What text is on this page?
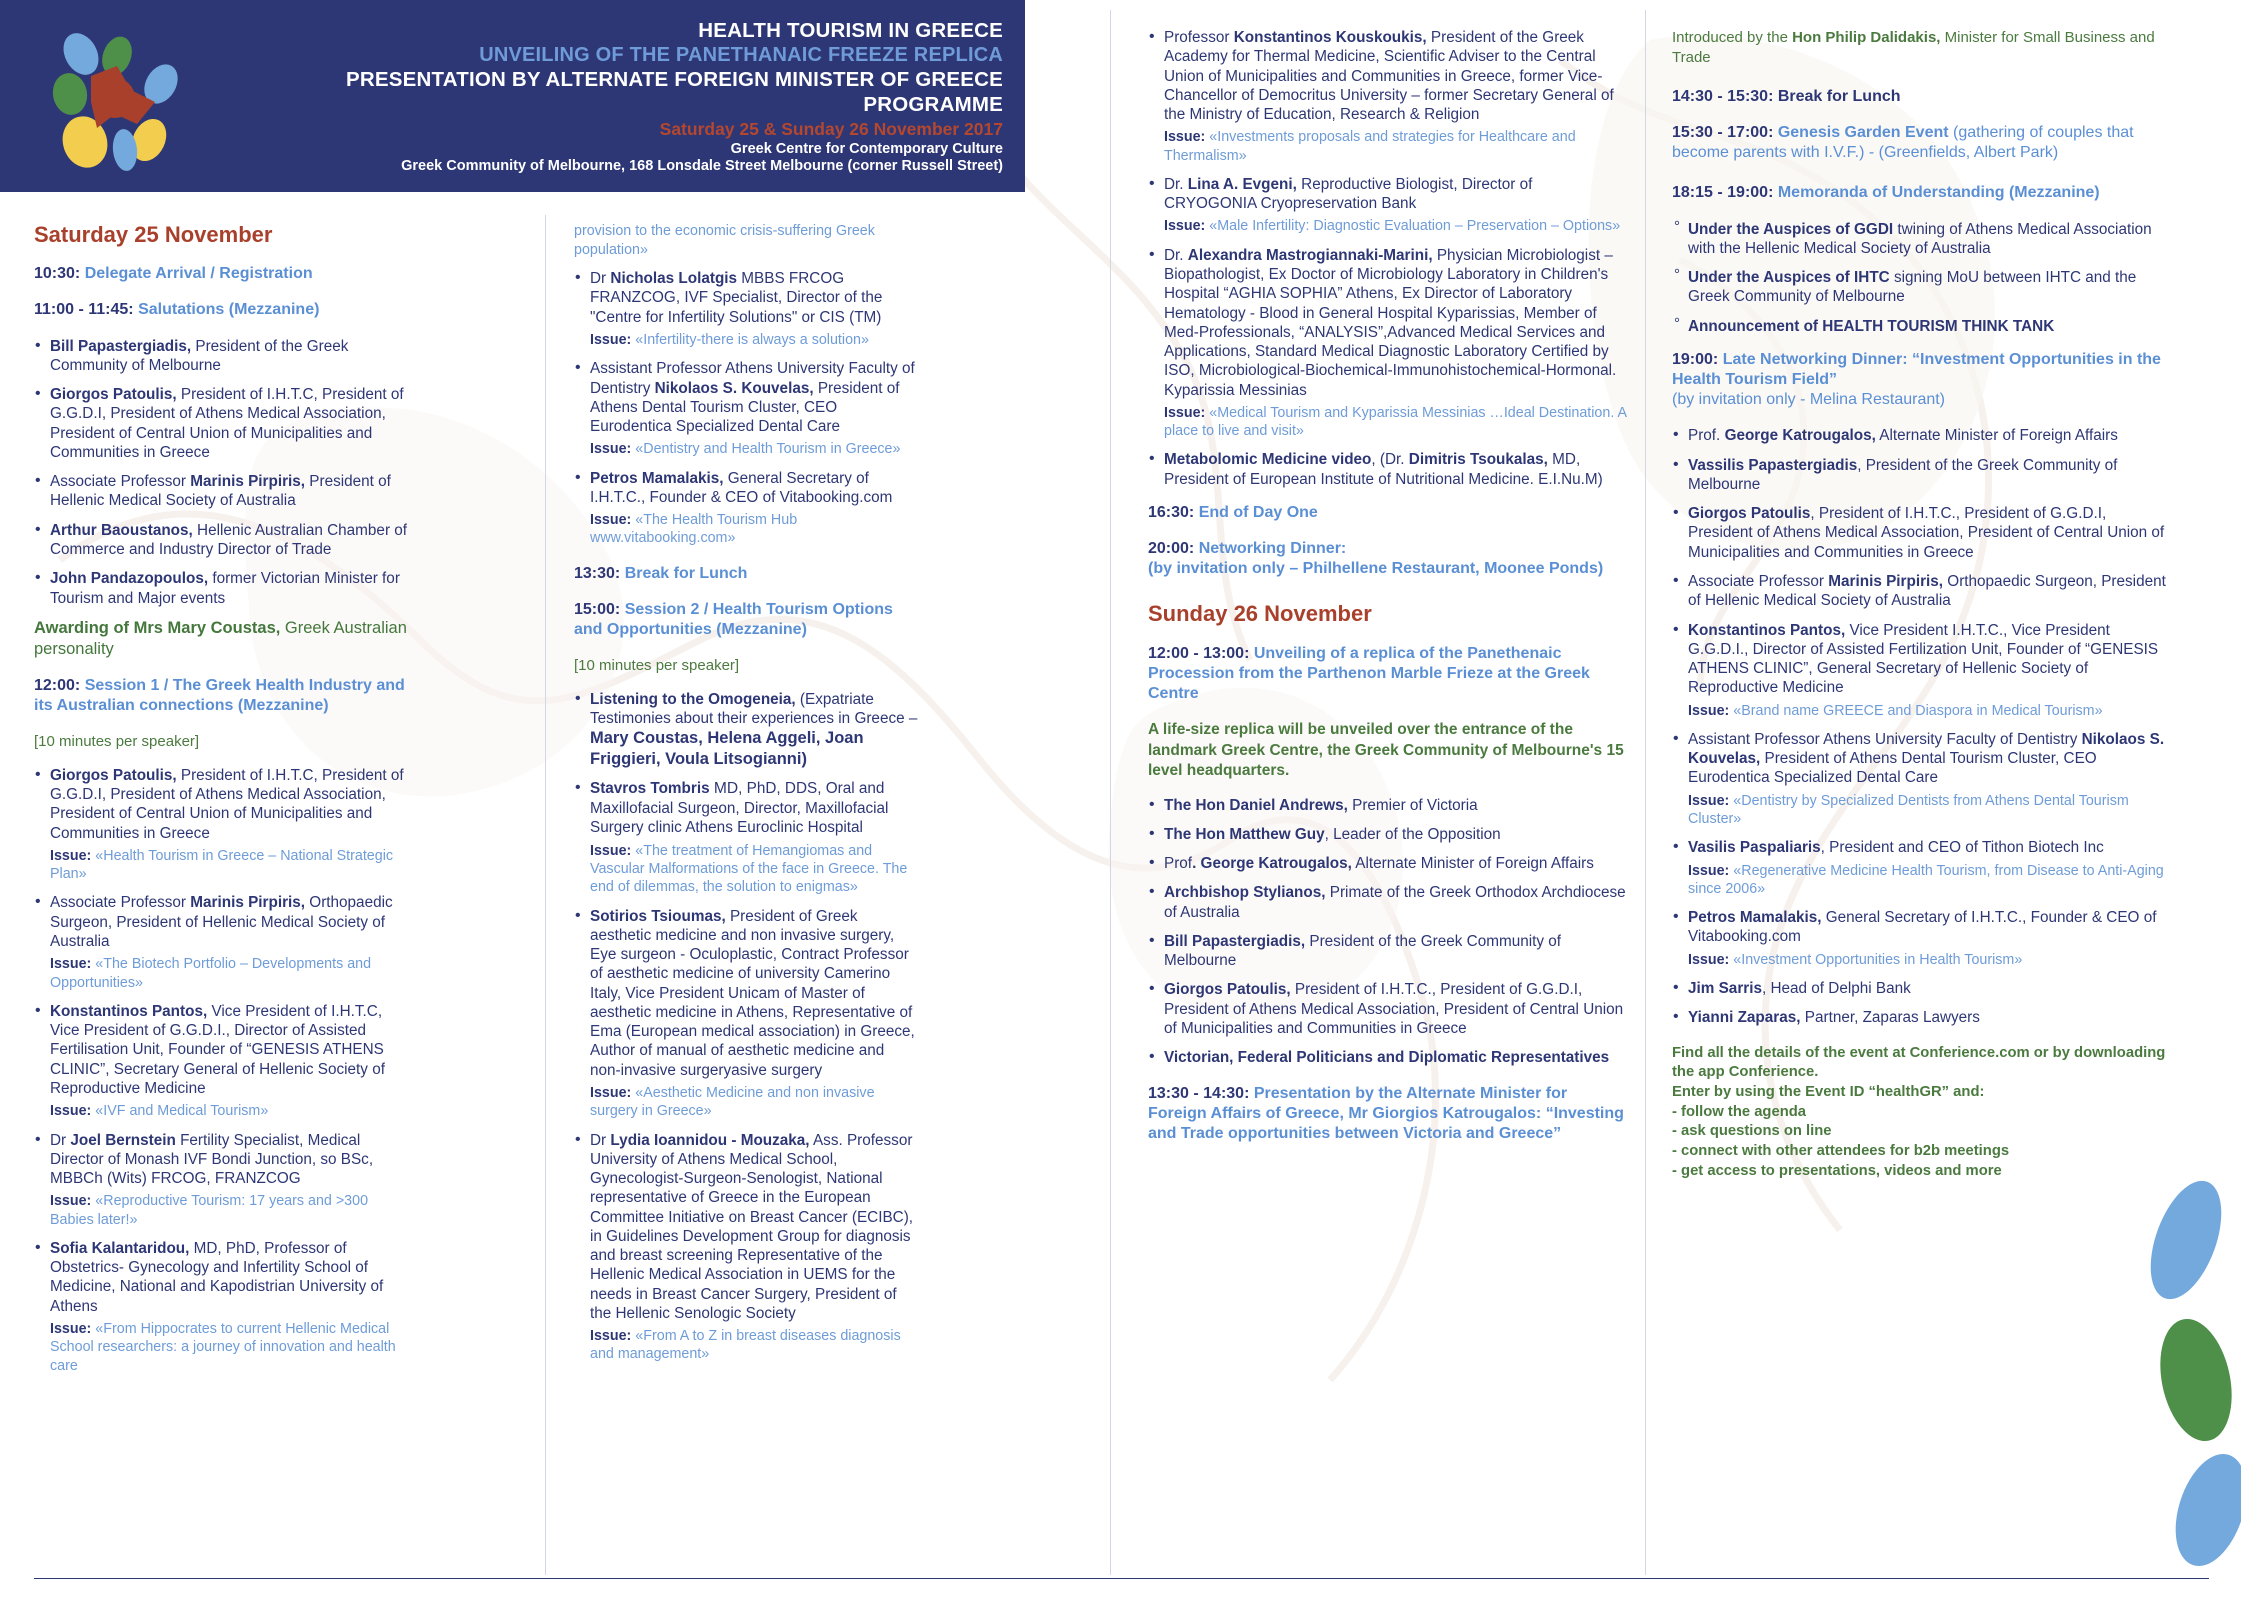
HEALTH TOURISM IN GREECE
UNVEILING OF THE PANETHANAIC FREEZE REPLICA
PRESENTATION BY ALTERNATE FOREIGN MINISTER OF GREECE
PROGRAMME
Saturday 25 & Sunday 26 November 2017
Greek Centre for Contemporary Culture
Greek Community of Melbourne, 168 Lonsdale Street Melbourne (corner Russell Street)
Saturday 25 November
10:30: Delegate Arrival / Registration
11:00 - 11:45: Salutations (Mezzanine)
• Bill Papastergiadis, President of the Greek Community of Melbourne
• Giorgos Patoulis, President of I.H.T.C, President of G.G.D.I, President of Athens Medical Association, President of Central Union of Municipalities and Communities in Greece
• Associate Professor Marinis Pirpiris, President of Hellenic Medical Society of Australia
• Arthur Baoustanos, Hellenic Australian Chamber of Commerce and Industry Director of Trade
• John Pandazopoulos, former Victorian Minister for Tourism and Major events
Awarding of Mrs Mary Coustas, Greek Australian personality
12:00: Session 1 / The Greek Health Industry and its Australian connections (Mezzanine)
[10 minutes per speaker]
• Giorgos Patoulis, President of I.H.T.C, President of G.G.D.I, President of Athens Medical Association, President of Central Union of Municipalities and Communities in Greece
Issue: «Health Tourism in Greece – National Strategic Plan»
• Associate Professor Marinis Pirpiris, Orthopaedic Surgeon, President of Hellenic Medical Society of Australia
Issue: «The Biotech Portfolio – Developments and Opportunities»
• Konstantinos Pantos, Vice President of I.H.T.C, Vice President of G.G.D.I., Director of Assisted Fertilisation Unit, Founder of “GENESIS ATHENS CLINIC”, Secretary General of Hellenic Society of Reproductive Medicine
Issue: «IVF and Medical Tourism»
• Dr Joel Bernstein Fertility Specialist, Medical Director of Monash IVF Bondi Junction, so BSc, MBBCh (Wits) FRCOG, FRANZCOG
Issue: «Reproductive Tourism: 17 years and >300 Babies later!»
• Sofia Kalantaridou, MD, PhD, Professor of Obstetrics- Gynecology and Infertility School of Medicine, National and Kapodistrian University of Athens
Issue: «From Hippocrates to current Hellenic Medical School researchers: a journey of innovation and health care
provision to the economic crisis-suffering Greek population»
• Dr Nicholas Lolatgis MBBS FRCOG FRANZCOG, IVF Specialist, Director of the "Centre for Infertility Solutions" or CIS (TM)
Issue: «Infertility-there is always a solution»
• Assistant Professor Athens University Faculty of Dentistry Nikolaos S. Kouvelas, President of Athens Dental Tourism Cluster, CEO Eurodentica Specialized Dental Care
Issue: «Dentistry and Health Tourism in Greece»
• Petros Mamalakis, General Secretary of I.H.T.C., Founder & CEO of Vitabooking.com
Issue: «The Health Tourism Hub www.vitabooking.com»
13:30: Break for Lunch
15:00: Session 2 / Health Tourism Options and Opportunities (Mezzanine)
[10 minutes per speaker]
• Listening to the Omogeneia, (Expatriate Testimonies about their experiences in Greece –
Mary Coustas, Helena Aggeli, Joan Friggieri, Voula Litsogianni)
• Stavros Tombris MD, PhD, DDS, Oral and Maxillofacial Surgeon, Director, Maxillofacial Surgery clinic Athens Euroclinic Hospital
Issue: «The treatment of Hemangiomas and Vascular Malformations of the face in Greece. The end of dilemmas, the solution to enigmas»
• Sotirios Tsioumas, President of Greek aesthetic medicine and non invasive surgery, Eye surgeon - Oculoplastic, Contract Professor of aesthetic medicine of university Camerino Italy, Vice President Unicam of Master of aesthetic medicine in Athens, Representative of Ema (European medical association) in Greece, Author of manual of aesthetic medicine and non-invasive surgeryasive surgery
Issue: «Aesthetic Medicine and non invasive surgery in Greece»
• Dr Lydia Ioannidou - Mouzaka, Ass. Professor University of Athens Medical School, Gynecologist-Surgeon-Senologist, National representative of Greece in the European Committee Initiative on Breast Cancer (ECIBC), in Guidelines Development Group for diagnosis and breast screening Representative of the Hellenic Medical Association in UEMS for the needs in Breast Cancer Surgery, President of the Hellenic Senologic Society
Issue: «From A to Z in breast diseases diagnosis and management»
• Professor Konstantinos Kouskoukis, President of the Greek Academy for Thermal Medicine, Scientific Adviser to the Central Union of Municipalities and Communities in Greece, former Vice-Chancellor of Democritus University – former Secretary General of the Ministry of Education, Research & Religion
Issue: «Investments proposals and strategies for Healthcare and Thermalism»
• Dr. Lina A. Evgeni, Reproductive Biologist, Director of CRYOGONIA Cryopreservation Bank
Issue: «Male Infertility: Diagnostic Evaluation – Preservation – Options»
• Dr. Alexandra Mastrogiannaki-Marini, Physician Microbiologist – Biopathologist, Ex Doctor of Microbiology Laboratory in Children's Hospital “AGHIA SOPHIA” Athens, Ex Director of Laboratory Hematology - Blood in General Hospital Kyparissias, Member of Med-Professionals, “ANALYSIS”,Advanced Medical Services and Applications, Standard Medical Diagnostic Laboratory Certified by ISO, Microbiological-Biochemical-Immunohistochemical-Hormonal. Kyparissia Messinias
Issue: «Medical Tourism and Kyparissia Messinias …Ideal Destination. A place to live and visit»
• Metabolomic Medicine video, (Dr. Dimitris Tsoukalas, MD, President of European Institute of Nutritional Medicine. E.I.Nu.M)
16:30: End of Day One
20:00: Networking Dinner:
(by invitation only – Philhellene Restaurant, Moonee Ponds)
Sunday 26 November
12:00 - 13:00: Unveiling of a replica of the Panethenaic Procession from the Parthenon Marble Frieze at the Greek Centre
A life-size replica will be unveiled over the entrance of the landmark Greek Centre, the Greek Community of Melbourne's 15 level headquarters.
• The Hon Daniel Andrews, Premier of Victoria
• The Hon Matthew Guy, Leader of the Opposition
• Prof. George Katrougalos, Alternate Minister of Foreign Affairs
• Archbishop Stylianos, Primate of the Greek Orthodox Archdiocese of Australia
• Bill Papastergiadis, President of the Greek Community of Melbourne
• Giorgos Patoulis, President of I.H.T.C., President of G.G.D.I, President of Athens Medical Association, President of Central Union of Municipalities and Communities in Greece
• Victorian, Federal Politicians and Diplomatic Representatives
13:30 - 14:30: Presentation by the Alternate Minister for Foreign Affairs of Greece, Mr Giorgios Katrougalos: “Investing and Trade opportunities between Victoria and Greece”
Introduced by the Hon Philip Dalidakis, Minister for Small Business and Trade
14:30 - 15:30: Break for Lunch
15:30 - 17:00: Genesis Garden Event (gathering of couples that become parents with I.V.F.) - (Greenfields, Albert Park)
18:15 - 19:00: Memoranda of Understanding (Mezzanine)
° Under the Auspices of GGDI twining of Athens Medical Association with the Hellenic Medical Society of Australia
° Under the Auspices of IHTC signing MoU between IHTC and the Greek Community of Melbourne
° Announcement of HEALTH TOURISM THINK TANK
19:00: Late Networking Dinner: “Investment Opportunities in the Health Tourism Field”
(by invitation only - Melina Restaurant)
• Prof. George Katrougalos, Alternate Minister of Foreign Affairs
• Vassilis Papastergiadis, President of the Greek Community of Melbourne
• Giorgos Patoulis, President of I.H.T.C., President of G.G.D.I, President of Athens Medical Association, President of Central Union of Municipalities and Communities in Greece
• Associate Professor Marinis Pirpiris, Orthopaedic Surgeon, President of Hellenic Medical Society of Australia
• Konstantinos Pantos, Vice President I.H.T.C., Vice President G.G.D.I., Director of Assisted Fertilization Unit, Founder of “GENESIS ATHENS CLINIC”, General Secretary of Hellenic Society of Reproductive Medicine
Issue: «Brand name GREECE and Diaspora in Medical Tourism»
• Assistant Professor Athens University Faculty of Dentistry Nikolaos S. Kouvelas, President of Athens Dental Tourism Cluster, CEO Eurodentica Specialized Dental Care
Issue: «Dentistry by Specialized Dentists from Athens Dental Tourism Cluster»
• Vasilis Paspaliaris, President and CEO of Tithon Biotech Inc
Issue: «Regenerative Medicine Health Tourism, from Disease to Anti-Aging since 2006»
• Petros Mamalakis, General Secretary of I.H.T.C., Founder & CEO of Vitabooking.com
Issue: «Investment Opportunities in Health Tourism»
• Jim Sarris, Head of Delphi Bank
• Yianni Zaparas, Partner, Zaparas Lawyers
Find all the details of the event at Conferience.com or by downloading the app Conferience.
Enter by using the Event ID “healthGR” and:
- follow the agenda
- ask questions on line
- connect with other attendees for b2b meetings
- get access to presentations, videos and more
